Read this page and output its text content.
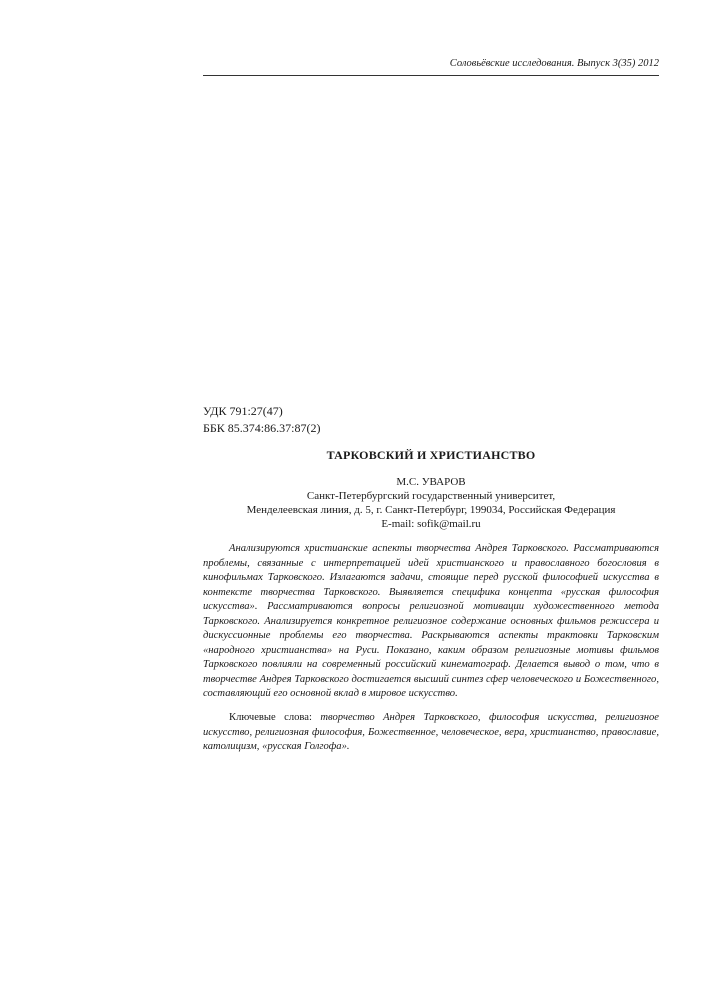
Соловьёвские исследования. Выпуск 3(35) 2012
УДК 791:27(47)
ББК 85.374:86.37:87(2)
ТАРКОВСКИЙ И ХРИСТИАНСТВО
М.С. УВАРОВ
Санкт-Петербургский государственный университет,
Менделеевская линия, д. 5, г. Санкт-Петербург, 199034, Российская Федерация
E-mail: sofik@mail.ru
Анализируются христианские аспекты творчества Андрея Тарковского. Рассматриваются проблемы, связанные с интерпретацией идей христианского и православного богословия в кинофильмах Тарковского. Излагаются задачи, стоящие перед русской философией искусства в контексте творчества Тарковского. Выявляется специфика концепта «русская философия искусства». Рассматриваются вопросы религиозной мотивации художественного метода Тарковского. Анализируется конкретное религиозное содержание основных фильмов режиссера и дискуссионные проблемы его творчества. Раскрываются аспекты трактовки Тарковским «народного христианства» на Руси. Показано, каким образом религиозные мотивы фильмов Тарковского повлияли на современный российский кинематограф. Делается вывод о том, что в творчестве Андрея Тарковского достигается высший синтез сфер человеческого и Божественного, составляющий его основной вклад в мировое искусство.
Ключевые слова: творчество Андрея Тарковского, философия искусства, религиозное искусство, религиозная философия, Божественное, человеческое, вера, христианство, православие, католицизм, «русская Голгофа».
